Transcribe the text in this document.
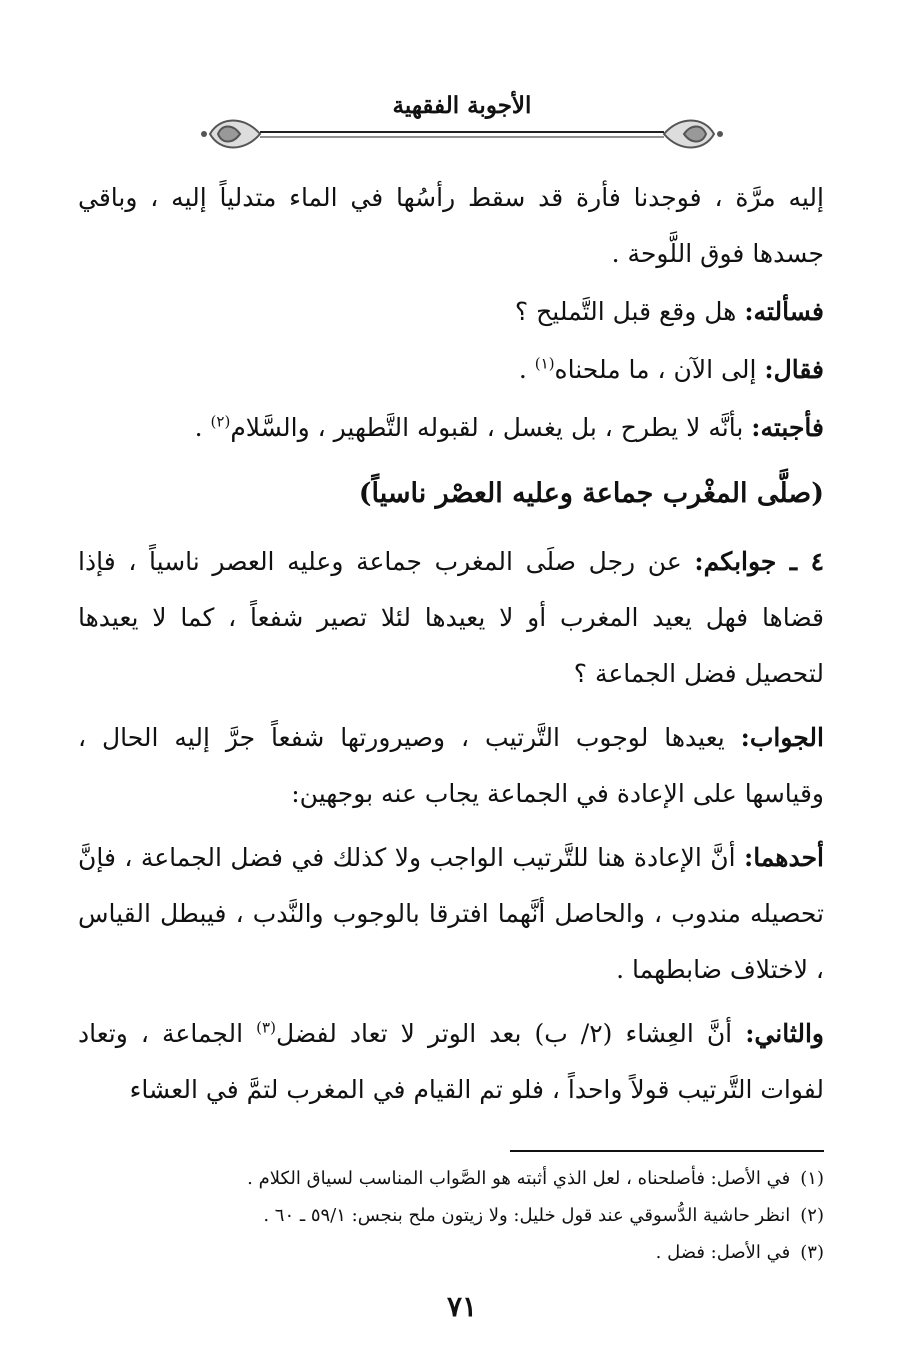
الأجوبة الفقهية

إليه مرَّة ، فوجدنا فأرة قد سقط رأسُها في الماء متدلياً إليه ، وباقي جسدها فوق اللَّوحة .

فسألته: هل وقع قبل التَّمليح ؟

فقال: إلى الآن ، ما ملحناه$^{(١)}$ .

فأجبته: بأنَّه لا يطرح ، بل يغسل ، لقبوله التَّطهير ، والسَّلام$^{(٢)}$ .

(صلَّى المغْرب جماعة وعليه العصْر ناسياً)

٤ ـ جوابكم: عن رجل صلَى المغرب جماعة وعليه العصر ناسياً ، فإذا قضاها فهل يعيد المغرب أو لا يعيدها لئلا تصير شفعاً ، كما لا يعيدها لتحصيل فضل الجماعة ؟

الجواب: يعيدها لوجوب التَّرتيب ، وصيرورتها شفعاً جرَّ إليه الحال ، وقياسها على الإعادة في الجماعة يجاب عنه بوجهين:

أحدهما: أنَّ الإعادة هنا للتَّرتيب الواجب ولا كذلك في فضل الجماعة ، فإنَّ تحصيله مندوب ، والحاصل أنَّهما افترقا بالوجوب والنَّدب ، فيبطل القياس ، لاختلاف ضابطهما .

والثاني: أنَّ العِشاء (٢/ ب) بعد الوتر لا تعاد لفضل$^{(٣)}$ الجماعة ، وتعاد لفوات التَّرتيب قولاً واحداً ، فلو تم القيام في المغرب لتمَّ في العشاء

(١)في الأصل: فأصلحناه ، لعل الذي أثبته هو الصَّواب المناسب لسياق الكلام .
(٢)انظر حاشية الدُّسوقي عند قول خليل: ولا زيتون ملح بنجس: ٥٩/١ ـ ٦٠ .
(٣)في الأصل: فضل .
٧١
